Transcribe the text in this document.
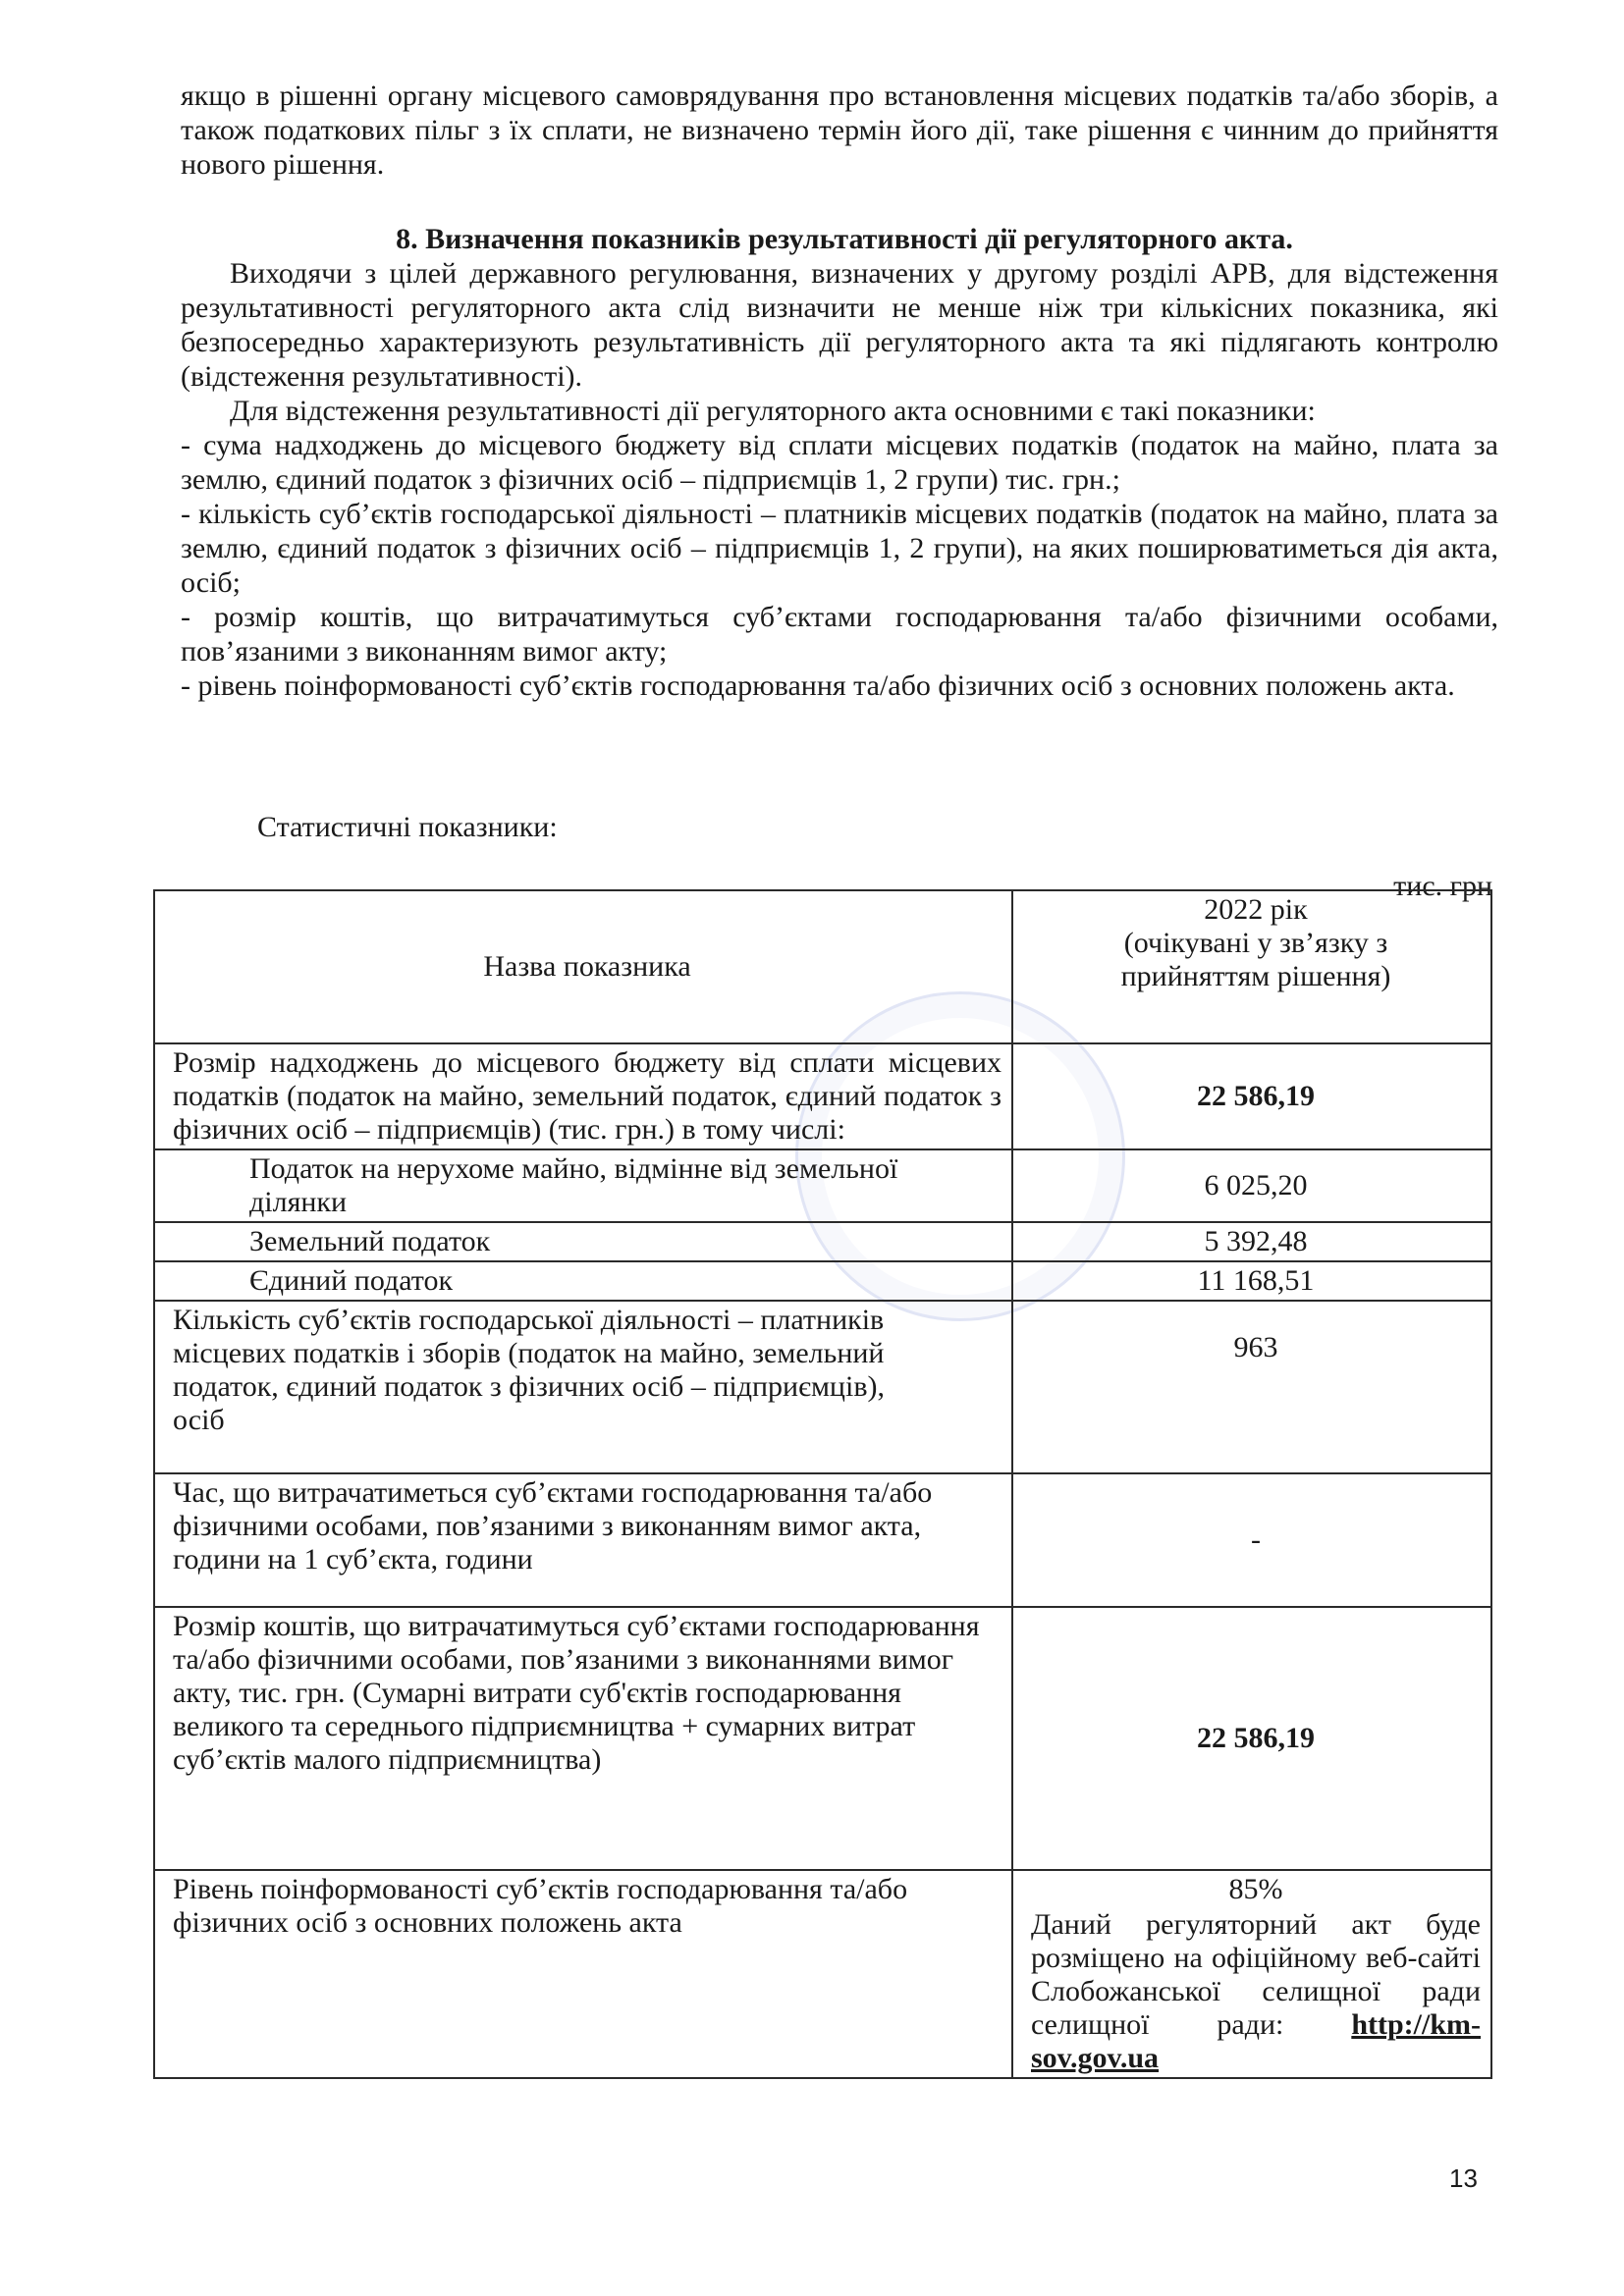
якщо в рішенні органу місцевого самоврядування про встановлення місцевих податків та/або зборів, а також податкових пільг з їх сплати, не визначено термін його дії, таке рішення є чинним до прийняття нового рішення.

8. Визначення показників результативності дії регуляторного акта.

Виходячи з цілей державного регулювання, визначених у другому розділі АРВ, для відстеження результативності регуляторного акта слід визначити не менше ніж три кількісних показника, які безпосередньо характеризують результативність дії регуляторного акта та які підлягають контролю (відстеження результативності).

Для відстеження результативності дії регуляторного акта основними є такі показники:

- сума надходжень до місцевого бюджету від сплати місцевих податків (податок на майно, плата за землю, єдиний податок з фізичних осіб – підприємців 1, 2 групи) тис. грн.;

- кількість суб’єктів господарської діяльності – платників місцевих податків (податок на майно, плата за землю, єдиний податок з фізичних осіб – підприємців 1, 2 групи), на яких поширюватиметься дія акта, осіб;

- розмір коштів, що витрачатимуться суб’єктами господарювання та/або фізичними особами, пов’язаними з виконанням вимог акту;

- рівень поінформованості суб’єктів господарювання та/або фізичних осіб з основних положень акта.

Статистичні показники:
тис. грн
Назва показника	2022 рік
(очікувані у зв’язку з прийняттям рішення)

Розмір надходжень до місцевого бюджету від сплати місцевих податків (податок на майно, земельний податок, єдиний податок з фізичних осіб – підприємців) (тис. грн.) в тому числі:	22 586,19
Податок на нерухоме майно, відмінне від земельної ділянки	6 025,20
Земельний податок	5 392,48
Єдиний податок	11 168,51
Кількість суб’єктів господарської діяльності – платників місцевих податків і зборів (податок на майно, земельний податок, єдиний податок з фізичних осіб – підприємців), осіб	963
Час, що витрачатиметься суб’єктами господарювання та/або фізичними особами, пов’язаними з виконанням вимог акта, години на 1 суб’єкта, години	-
Розмір коштів, що витрачатимуться суб’єктами господарювання та/або фізичними особами, пов’язаними з виконаннями вимог акту, тис. грн. (Сумарні витрати суб'єктів господарювання великого та середнього підприємництва + сумарних витрат суб’єктів малого підприємництва)	22 586,19
Рівень поінформованості суб’єктів господарювання та/або фізичних осіб з основних положень акта	85%
Даний регуляторний акт буде розміщено на офіційному веб-сайті Слобожанської селищної ради селищної ради: http://km-sov.gov.ua
13
